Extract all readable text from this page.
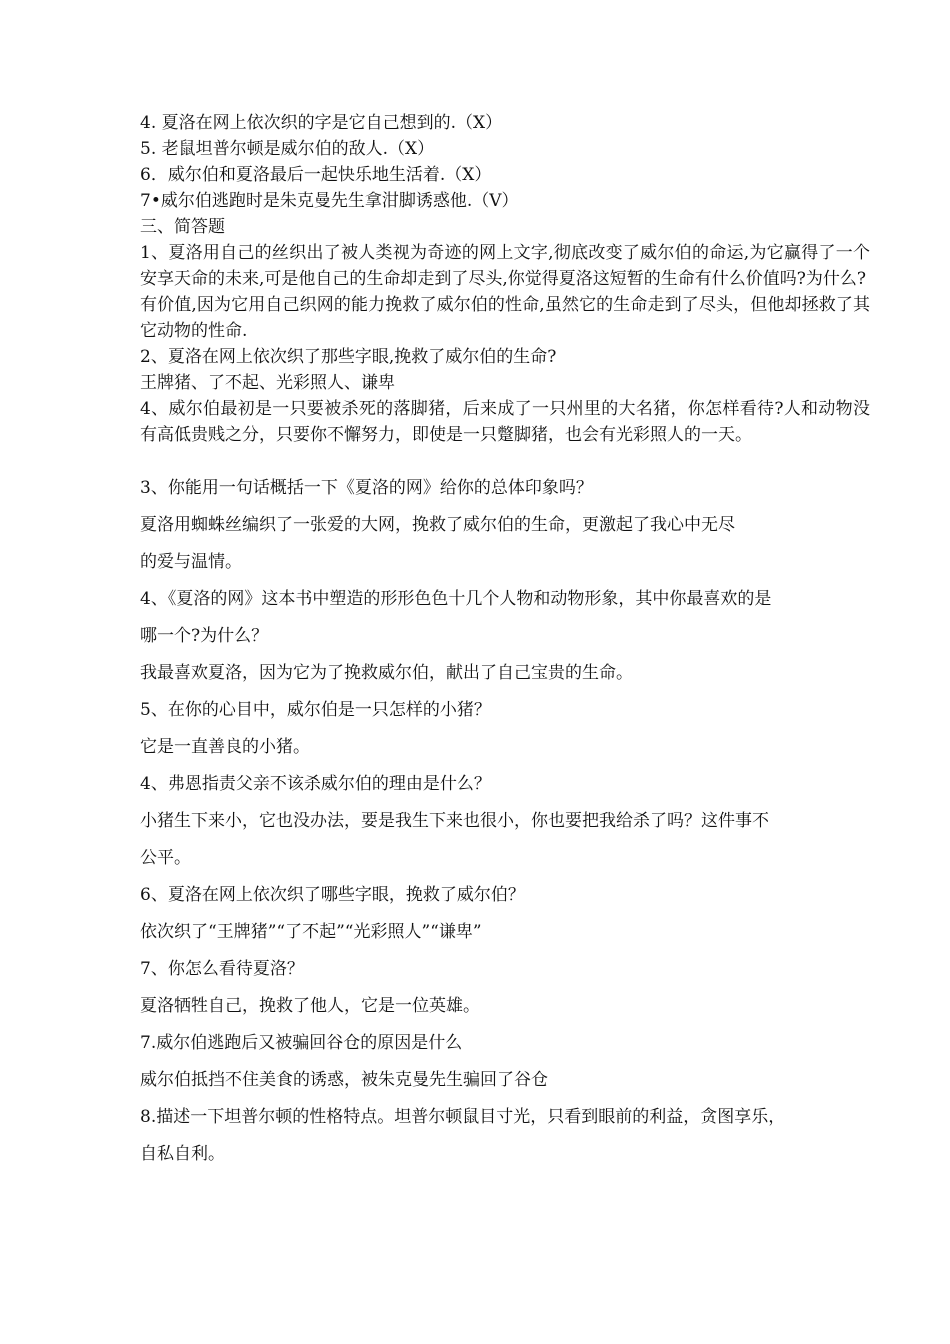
4. 夏洛在网上依次织的字是它自己想到的.（X）

5. 老鼠坦普尔顿是威尔伯的敌人.（X）

6．威尔伯和夏洛最后一起快乐地生活着.（X）

7•威尔伯逃跑时是朱克曼先生拿泔脚诱惑他.（V）

三、简答题

1、夏洛用自己的丝织出了被人类视为奇迹的网上文字,彻底改变了威尔伯的命运,为它赢得了一个安享天命的未来,可是他自己的生命却走到了尽头,你觉得夏洛这短暂的生命有什么价值吗?为什么?

有价值,因为它用自己织网的能力挽救了威尔伯的性命,虽然它的生命走到了尽头，但他却拯救了其它动物的性命.

2、夏洛在网上依次织了那些字眼,挽救了威尔伯的生命?

王牌猪、了不起、光彩照人、谦卑

4、威尔伯最初是一只要被杀死的落脚猪，后来成了一只州里的大名猪，你怎样看待?人和动物没有高低贵贱之分，只要你不懈努力，即使是一只蹩脚猪，也会有光彩照人的一天。

3、你能用一句话概括一下《夏洛的网》给你的总体印象吗？

夏洛用蜘蛛丝编织了一张爱的大网，挽救了威尔伯的生命，更激起了我心中无尽

的爱与温情。

4、《夏洛的网》这本书中塑造的形形色色十几个人物和动物形象，其中你最喜欢的是

哪一个?为什么？

我最喜欢夏洛，因为它为了挽救威尔伯，献出了自己宝贵的生命。

5、在你的心目中，威尔伯是一只怎样的小猪？

它是一直善良的小猪。

4、弗恩指责父亲不该杀威尔伯的理由是什么？

小猪生下来小，它也没办法，要是我生下来也很小，你也要把我给杀了吗？这件事不

公平。

6、夏洛在网上依次织了哪些字眼，挽救了威尔伯？

依次织了“王牌猪”“了不起”“光彩照人”“谦卑”

7、你怎么看待夏洛？

夏洛牺牲自己，挽救了他人，它是一位英雄。

7.威尔伯逃跑后又被骗回谷仓的原因是什么

威尔伯抵挡不住美食的诱惑，被朱克曼先生骗回了谷仓

8.描述一下坦普尔顿的性格特点。坦普尔顿鼠目寸光，只看到眼前的利益，贪图享乐，

自私自利。
